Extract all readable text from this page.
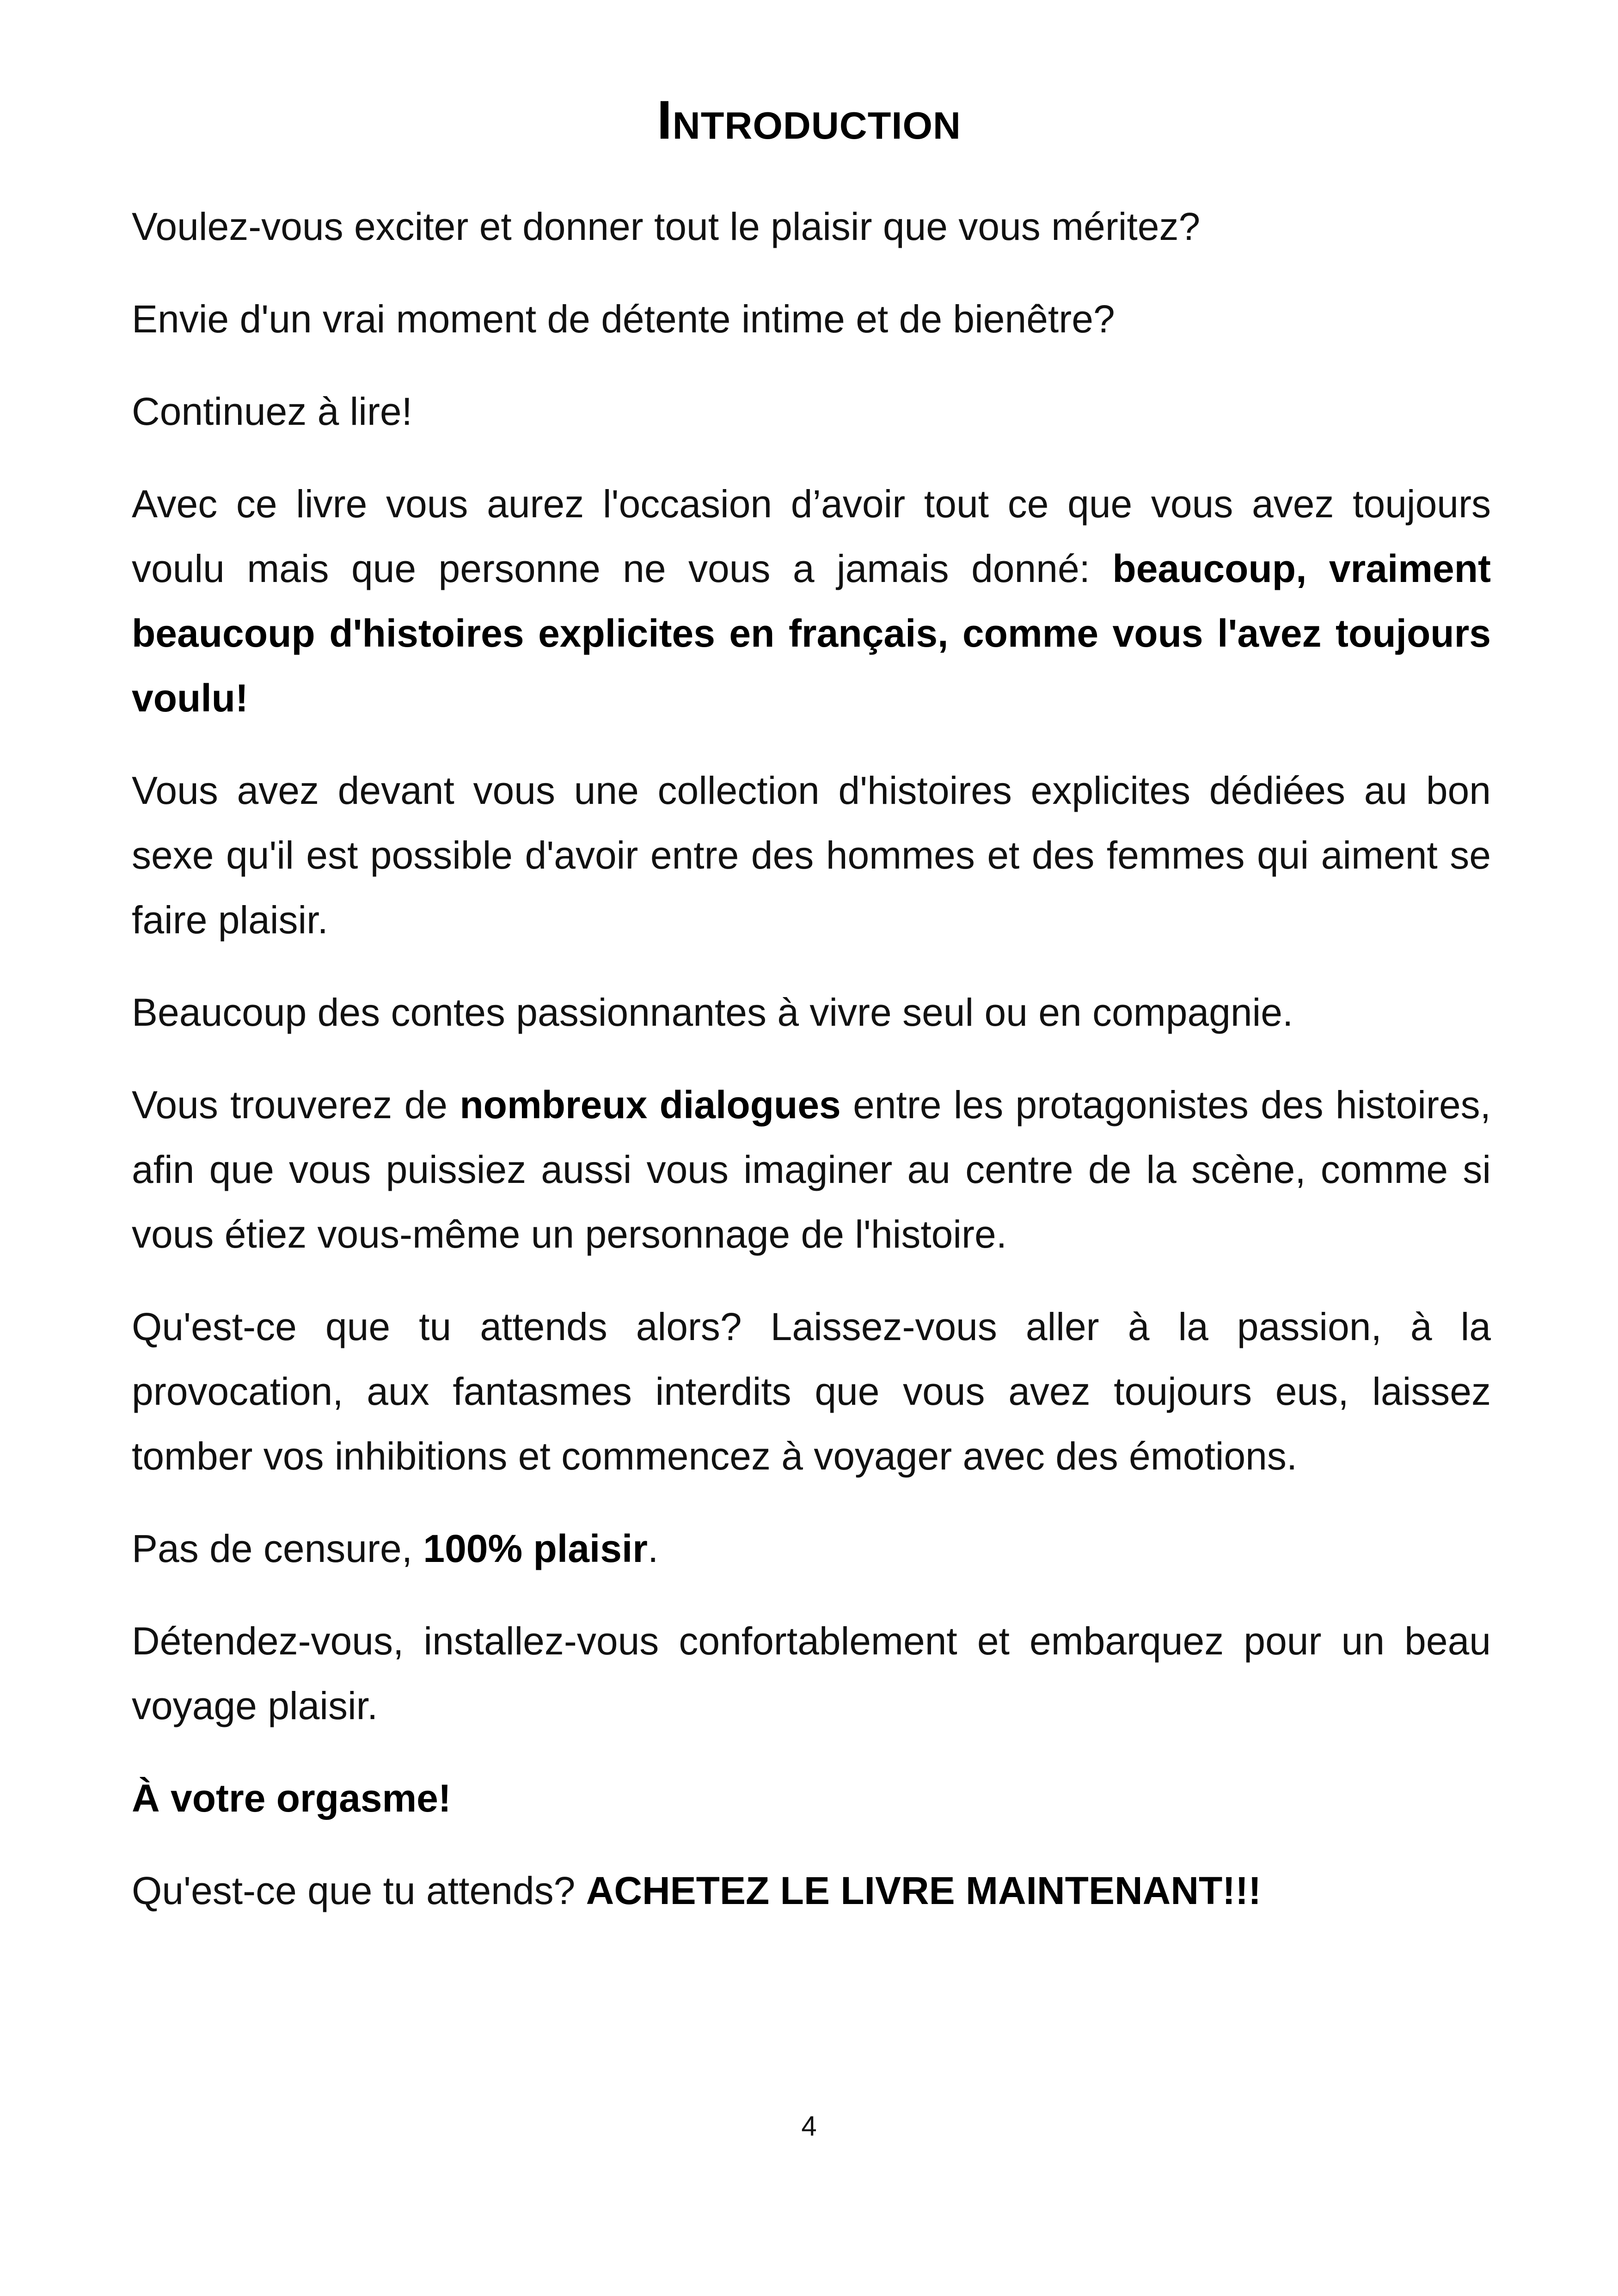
Introduction

Voulez-vous exciter et donner tout le plaisir que vous méritez?

Envie d'un vrai moment de détente intime et de bienêtre?

Continuez à lire!

Avec ce livre vous aurez l'occasion d’avoir tout ce que vous avez toujours voulu mais que personne ne vous a jamais donné: beaucoup, vraiment beaucoup d'histoires explicites en français, comme vous l'avez toujours voulu!

Vous avez devant vous une collection d'histoires explicites dédiées au bon sexe qu'il est possible d'avoir entre des hommes et des femmes qui aiment se faire plaisir.

Beaucoup des contes passionnantes à vivre seul ou en compagnie.

Vous trouverez de nombreux dialogues entre les protagonistes des histoires, afin que vous puissiez aussi vous imaginer au centre de la scène, comme si vous étiez vous-même un personnage de l'histoire.

Qu'est-ce que tu attends alors? Laissez-vous aller à la passion, à la provocation, aux fantasmes interdits que vous avez toujours eus, laissez tomber vos inhibitions et commencez à voyager avec des émotions.

Pas de censure, 100% plaisir.

Détendez-vous, installez-vous confortablement et embarquez pour un beau voyage plaisir.

À votre orgasme!

Qu'est-ce que tu attends? ACHETEZ LE LIVRE MAINTENANT!!!

4
